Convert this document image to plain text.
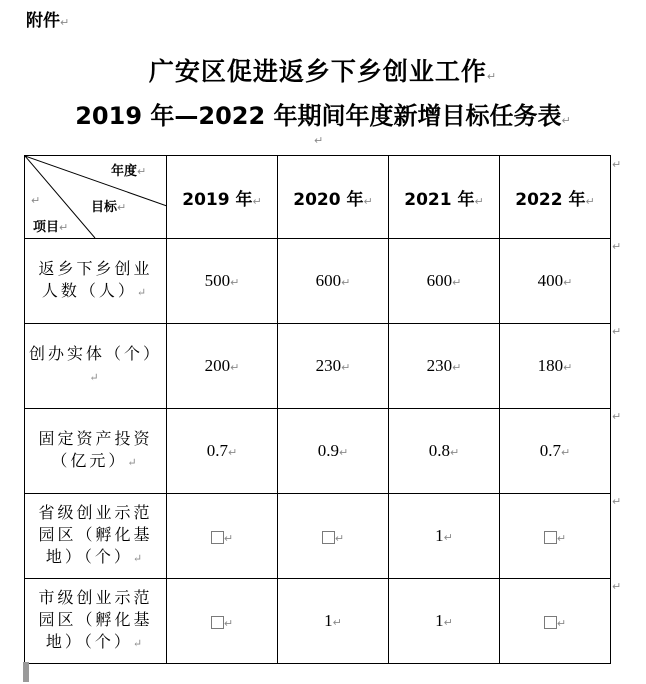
附件↵
广安区促进返乡下乡创业工作↵
2019 年—2022 年期间年度新增目标任务表↵
↵
年度↵
目标↵
↵
项目↵	2019 年↵	2020 年↵	2021 年↵	2022 年↵

返乡下乡创业
人数（人）↵	500↵	600↵	600↵	400↵
创办实体（个）↵	200↵	230↵	230↵	180↵

固定资产投资
（亿元）↵	0.7↵	0.9↵	0.8↵	0.7↵

省级创业示范
园区（孵化基
地）（个）↵	↵	↵	1↵	↵

市级创业示范
园区（孵化基
地）（个）↵	↵	1↵	1↵	↵
↵
↵
↵
↵
↵
↵
